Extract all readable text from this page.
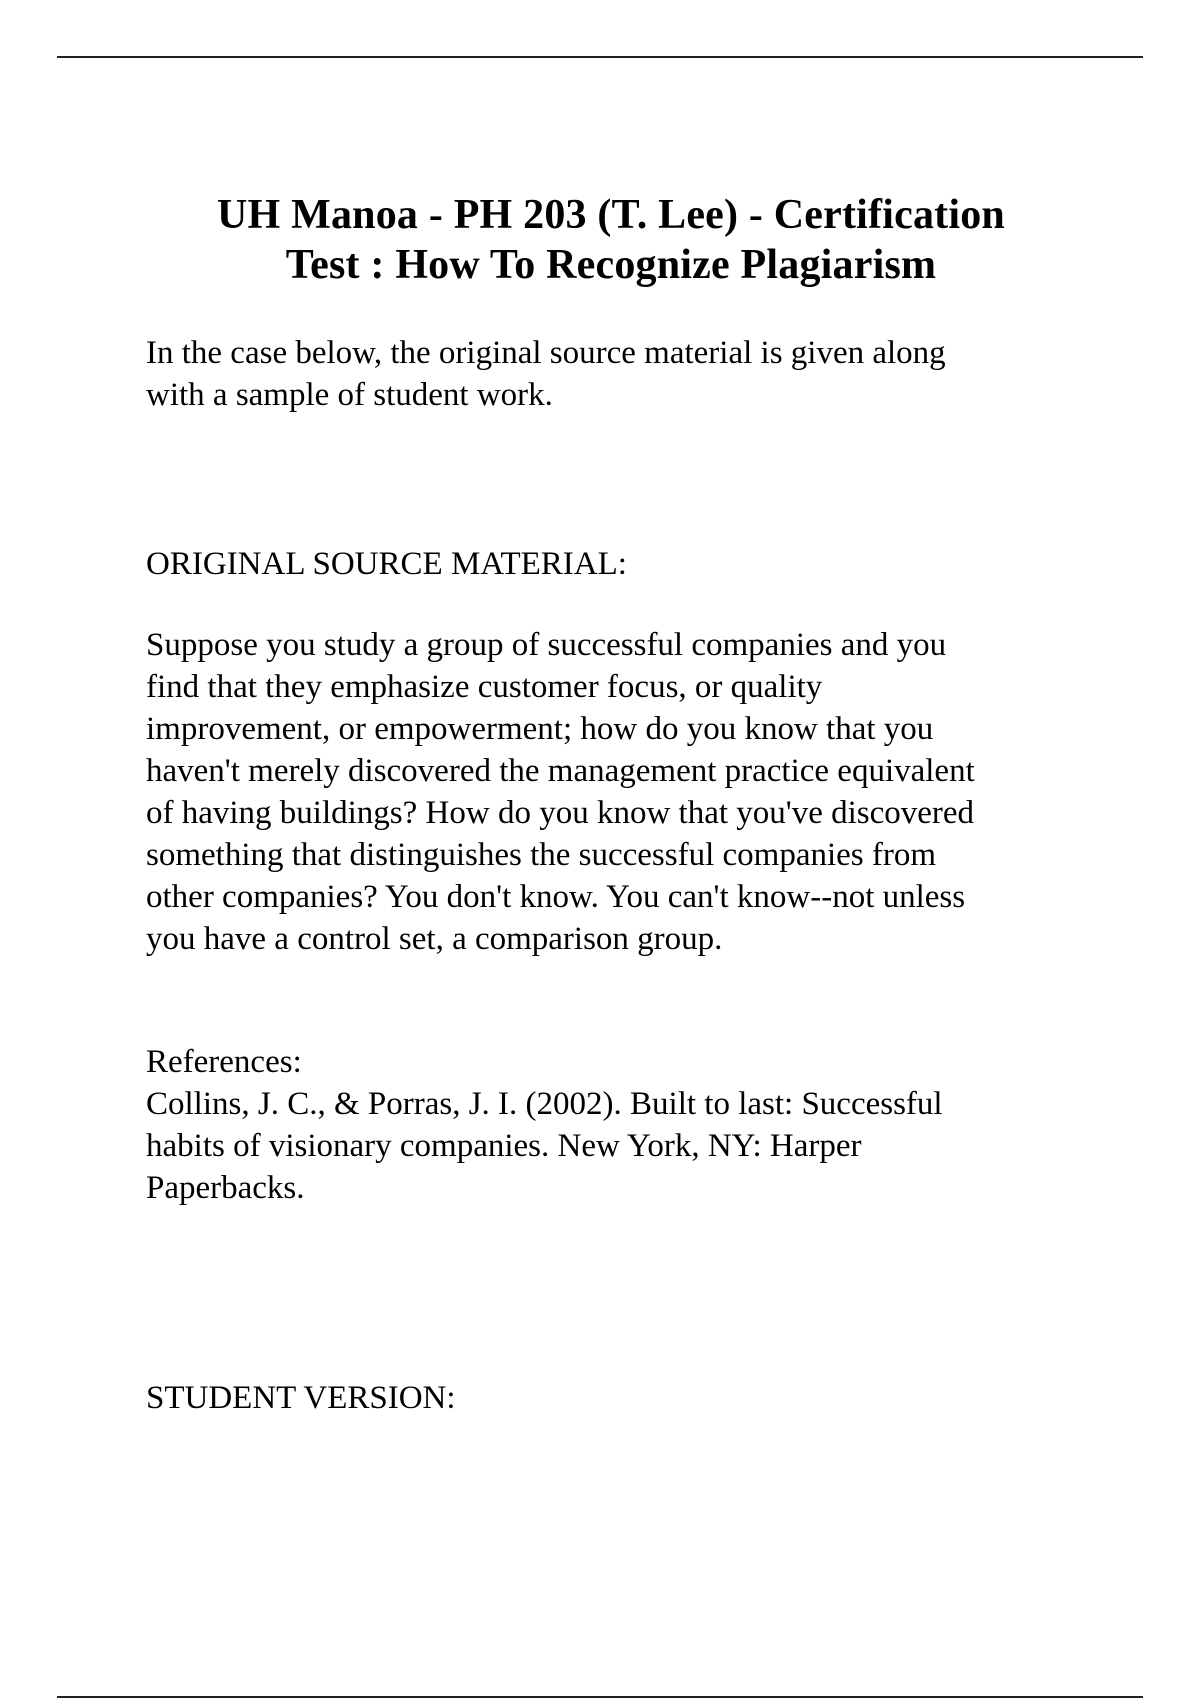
UH Manoa - PH 203 (T. Lee) - Certification
Test : How To Recognize Plagiarism

In the case below, the original source material is given along
with a sample of student work.

ORIGINAL SOURCE MATERIAL:

Suppose you study a group of successful companies and you
find that they emphasize customer focus, or quality
improvement, or empowerment; how do you know that you
haven't merely discovered the management practice equivalent
of having buildings? How do you know that you've discovered
something that distinguishes the successful companies from
other companies? You don't know. You can't know--not unless
you have a control set, a comparison group.

References:

Collins, J. C., & Porras, J. I. (2002). Built to last: Successful
habits of visionary companies. New York, NY: Harper
Paperbacks.

STUDENT VERSION:
